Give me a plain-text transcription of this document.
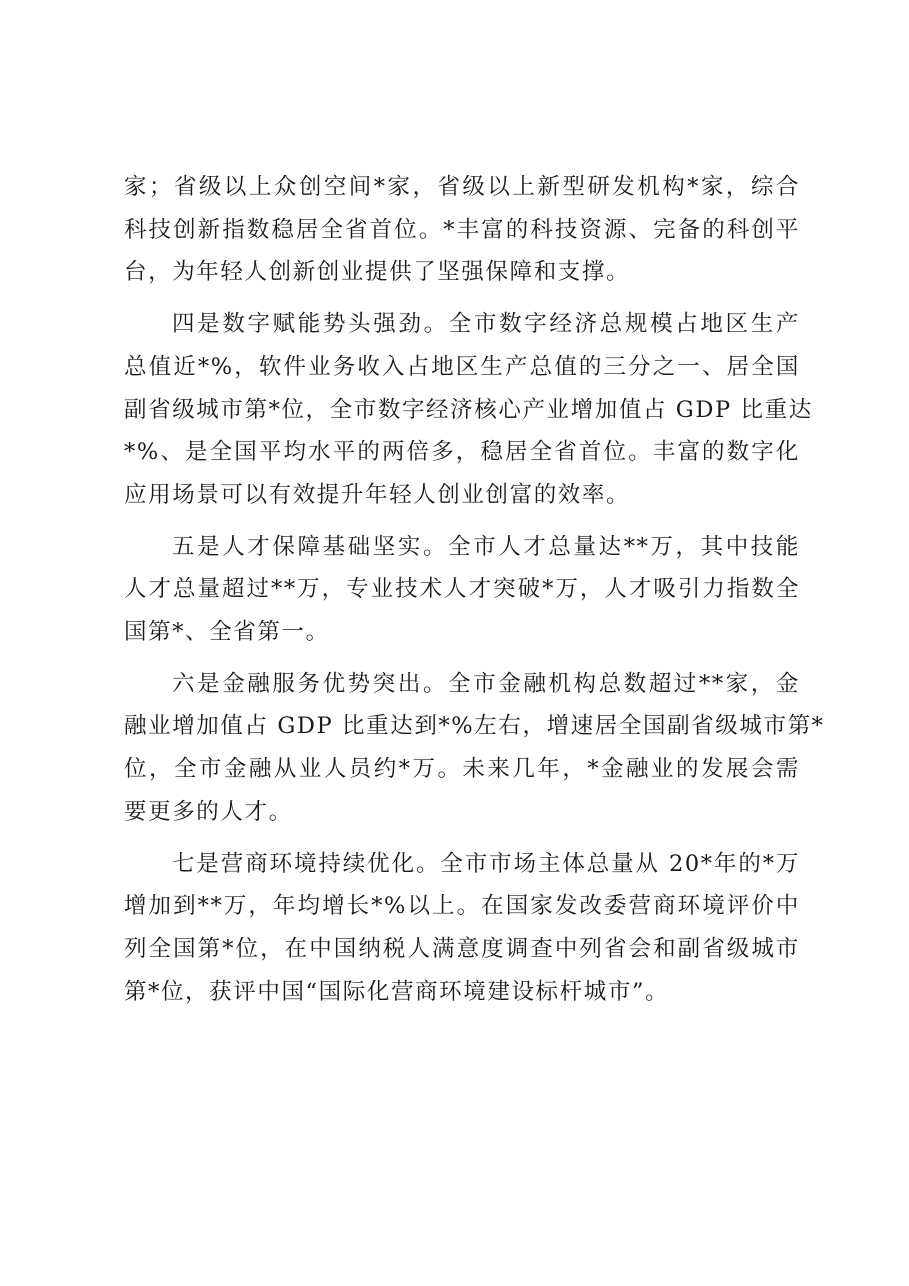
家；省级以上众创空间*家，省级以上新型研发机构*家，综合
科技创新指数稳居全省首位。*丰富的科技资源、完备的科创平
台，为年轻人创新创业提供了坚强保障和支撑。
四是数字赋能势头强劲。全市数字经济总规模占地区生产
总值近*%，软件业务收入占地区生产总值的三分之一、居全国
副省级城市第*位，全市数字经济核心产业增加值占 GDP 比重达
*%、是全国平均水平的两倍多，稳居全省首位。丰富的数字化
应用场景可以有效提升年轻人创业创富的效率。
五是人才保障基础坚实。全市人才总量达**万，其中技能
人才总量超过**万，专业技术人才突破*万，人才吸引力指数全
国第*、全省第一。
六是金融服务优势突出。全市金融机构总数超过**家，金
融业增加值占 GDP 比重达到*%左右，增速居全国副省级城市第*
位，全市金融从业人员约*万。未来几年，*金融业的发展会需
要更多的人才。
七是营商环境持续优化。全市市场主体总量从 20*年的*万
增加到**万，年均增长*%以上。在国家发改委营商环境评价中
列全国第*位，在中国纳税人满意度调查中列省会和副省级城市
第*位，获评中国“国际化营商环境建设标杆城市”。
